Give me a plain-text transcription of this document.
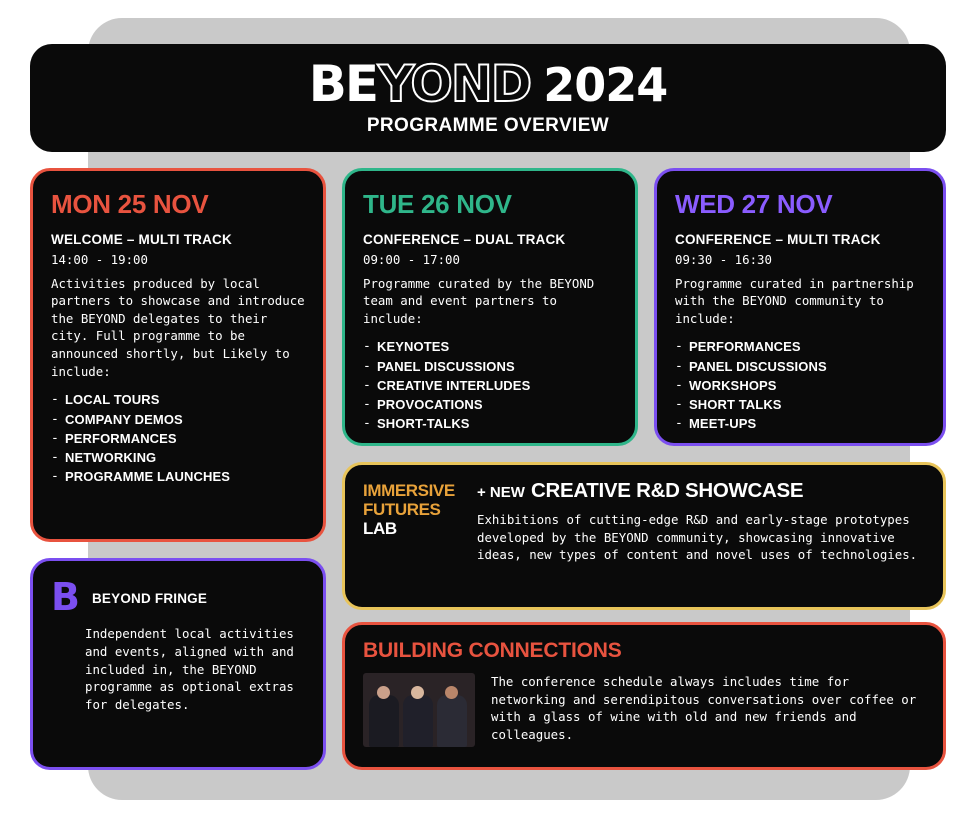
BE YOND 2024
PROGRAMME OVERVIEW
MON 25 NOV
WELCOME – MULTI TRACK
14:00 - 19:00
Activities produced by local partners to showcase and introduce the BEYOND delegates to their city. Full programme to be announced shortly, but Likely to include:
- LOCAL TOURS
- COMPANY DEMOS
- PERFORMANCES
- NETWORKING
- PROGRAMME LAUNCHES
TUE 26 NOV
CONFERENCE – DUAL TRACK
09:00 - 17:00
Programme curated by the BEYOND team and event partners to include:
- KEYNOTES
- PANEL DISCUSSIONS
- CREATIVE INTERLUDES
- PROVOCATIONS
- SHORT-TALKS
WED 27 NOV
CONFERENCE – MULTI TRACK
09:30 - 16:30
Programme curated in partnership with the BEYOND community to include:
- PERFORMANCES
- PANEL DISCUSSIONS
- WORKSHOPS
- SHORT TALKS
- MEET-UPS
IMMERSIVE
FUTURES
LAB
+ NEW CREATIVE R&D SHOWCASE
Exhibitions of cutting-edge R&D and early-stage prototypes developed by the BEYOND community, showcasing innovative ideas, new types of content and novel uses of technologies.
B BEYOND FRINGE
Independent local activities and events, aligned with and included in, the BEYOND programme as optional extras for delegates.
BUILDING CONNECTIONS
The conference schedule always includes time for networking and serendipitous conversations over coffee or with a glass of wine with old and new friends and colleagues.
